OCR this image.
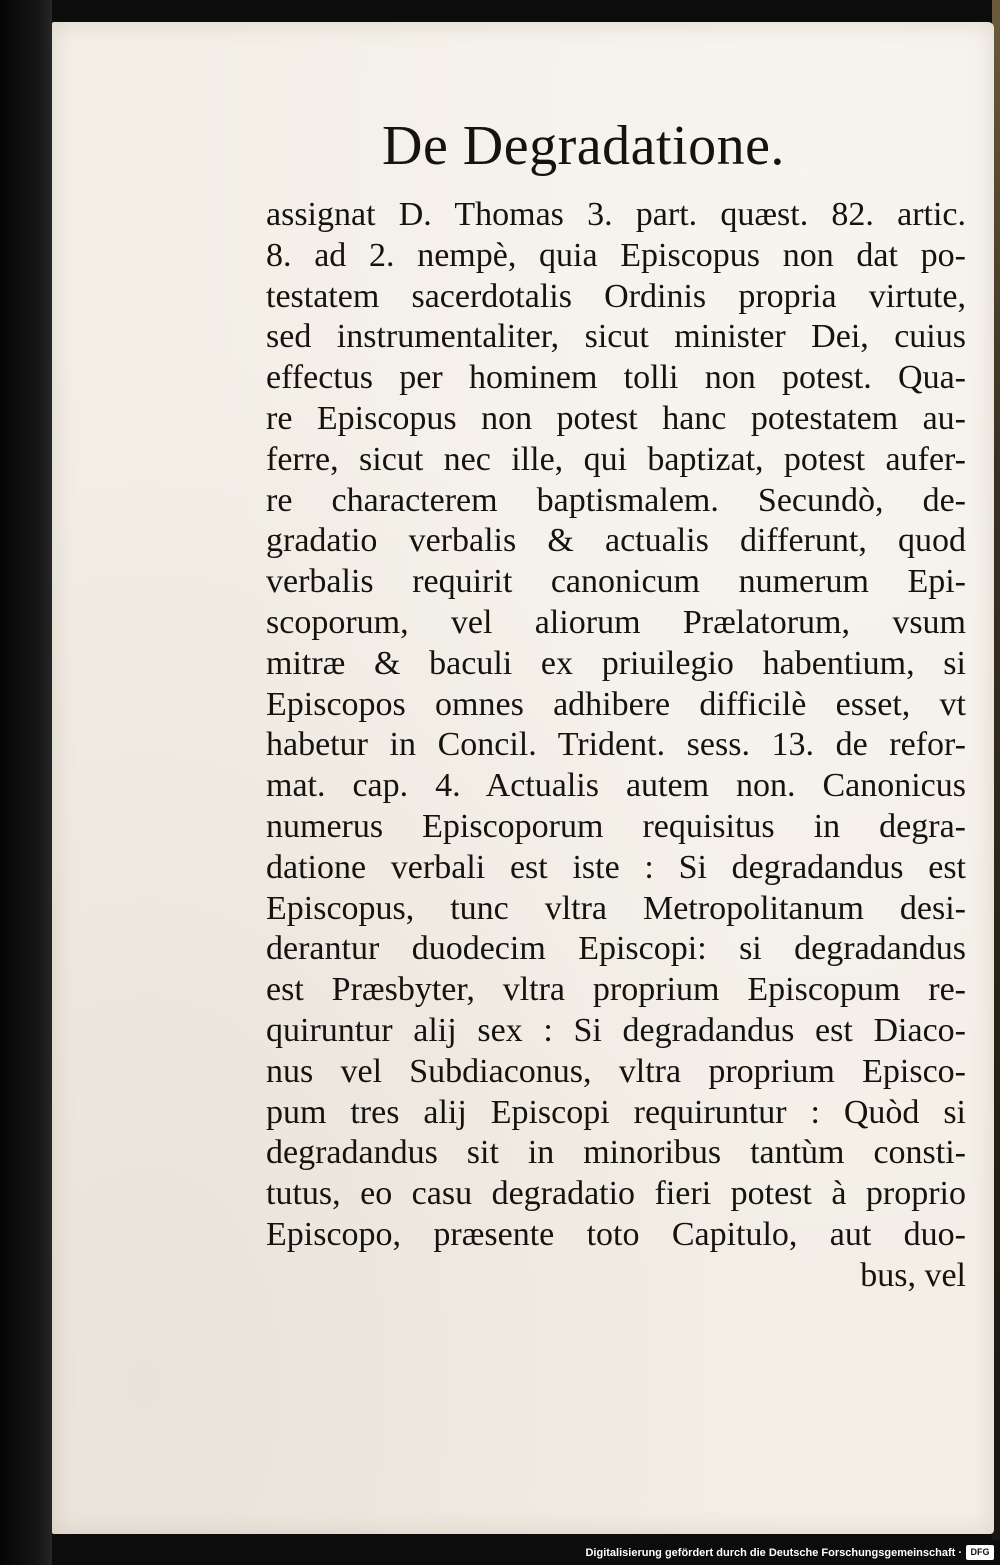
De Degradatione.
assignat D. Thomas 3. part. quæst. 82. artic.
8. ad 2. nempè, quia Episcopus non dat po-
testatem sacerdotalis Ordinis propria virtute,
sed instrumentaliter, sicut minister Dei, cuius
effectus per hominem tolli non potest. Qua-
re Episcopus non potest hanc potestatem au-
ferre, sicut nec ille, qui baptizat, potest aufer-
re characterem baptismalem. Secundò, de-
gradatio verbalis & actualis differunt, quod
verbalis requirit canonicum numerum Epi-
scoporum, vel aliorum Prælatorum, vsum
mitræ & baculi ex priuilegio habentium, si
Episcopos omnes adhibere difficilè esset, vt
habetur in Concil. Trident. sess. 13. de refor-
mat. cap. 4. Actualis autem non. Canonicus
numerus Episcoporum requisitus in degra-
datione verbali est iste : Si degradandus est
Episcopus, tunc vltra Metropolitanum desi-
derantur duodecim Episcopi: si degradandus
est Præsbyter, vltra proprium Episcopum re-
quiruntur alij sex : Si degradandus est Diaco-
nus vel Subdiaconus, vltra proprium Episco-
pum tres alij Episcopi requiruntur : Quòd si
degradandus sit in minoribus tantùm consti-
tutus, eo casu degradatio fieri potest à proprio
Episcopo, præsente toto Capitulo, aut duo-
bus, vel
Digitalisierung gefördert durch die Deutsche Forschungsgemeinschaft · DFG
